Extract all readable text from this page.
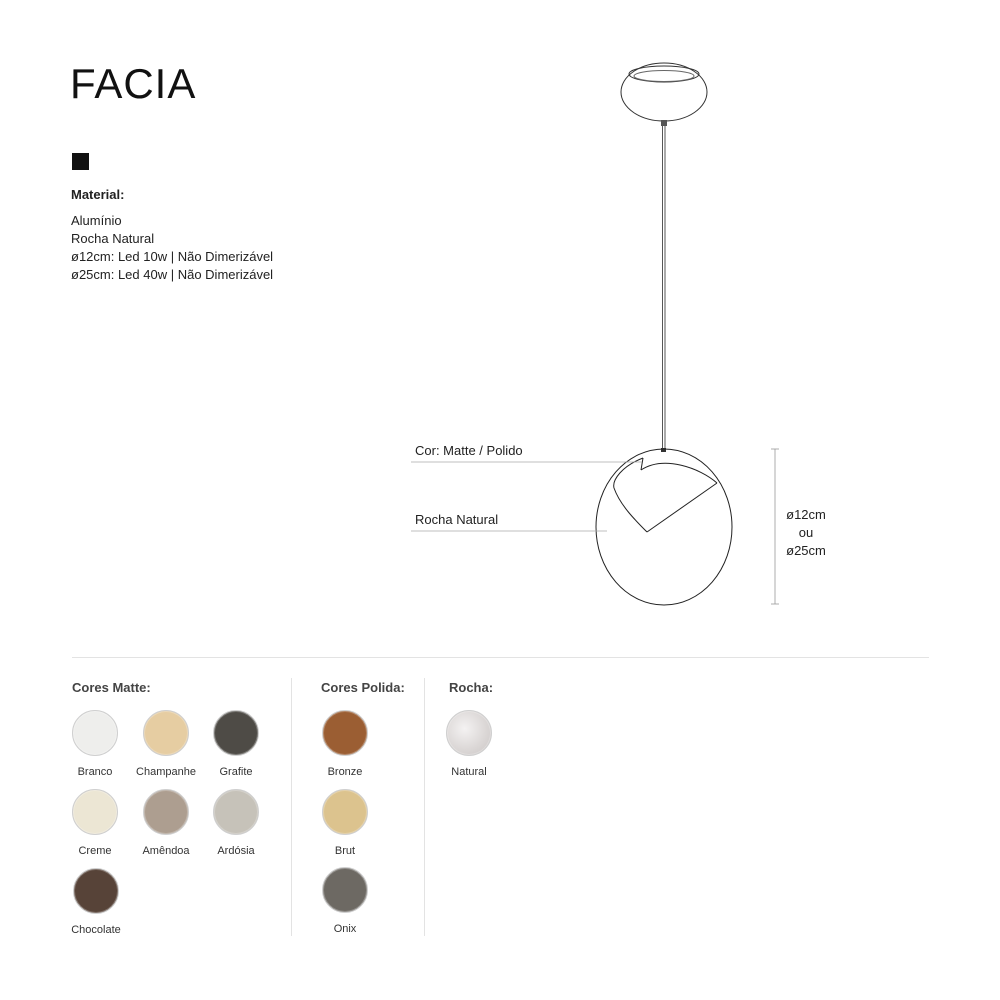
FACIA
Material:
Alumínio
Rocha Natural
ø12cm: Led 10w | Não Dimerizável
ø25cm: Led 40w | Não Dimerizável
Cor: Matte / Polido
Rocha Natural	ø12cm
ou
ø25cm
Cores Matte:
Branco	Champanhe	Grafite
Creme	Amêndoa	Ardósia
Chocolate
Cores Polida:
Bronze
Brut
Onix
Rocha:
Natural
